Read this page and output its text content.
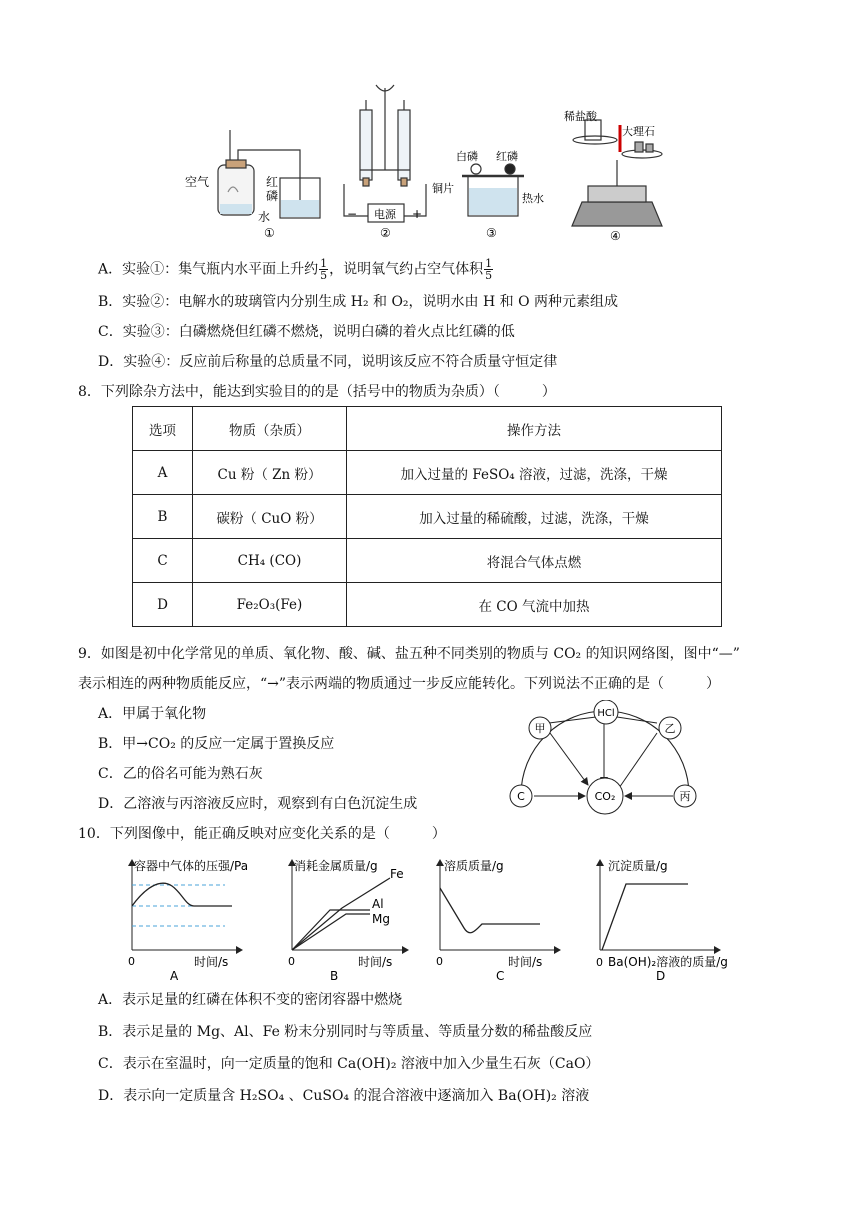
空气	红
磷
水
①
电源
−	+
②
白磷 红磷
铜片
热水
③
稀盐酸
大理石
④
A．实验①：集气瓶内水平面上升约 $\frac{1}{5}$ ，说明氧气约占空气体积 $\frac{1}{5}$
B．实验②：电解水的玻璃管内分别生成 H₂ 和 O₂，说明水由 H 和 O 两种元素组成
C．实验③：白磷燃烧但红磷不燃烧，说明白磷的着火点比红磷的低
D．实验④：反应前后称量的总质量不同，说明该反应不符合质量守恒定律
8．下列除杂方法中，能达到实验目的的是（括号中的物质为杂质）（　　　）
选项	物质（杂质）	操作方法
A	Cu 粉（ Zn 粉）	加入过量的 FeSO₄ 溶液，过滤，洗涤，干燥
B	碳粉（ CuO 粉）	加入过量的稀硫酸，过滤，洗涤，干燥
C	CH₄ (CO)	将混合气体点燃
D	Fe₂O₃(Fe)	在 CO 气流中加热
9．如图是初中化学常见的单质、氧化物、酸、碱、盐五种不同类别的物质与 CO₂ 的知识网络图，图中“—”
表示相连的两种物质能反应，“→”表示两端的物质通过一步反应能转化。下列说法不正确的是（　　　）
A．甲属于氧化物
B．甲→CO₂ 的反应一定属于置换反应
C．乙的俗名可能为熟石灰
D．乙溶液与丙溶液反应时，观察到有白色沉淀生成
HCl
甲	乙
C	CO₂	丙
10．下列图像中，能正确反映对应变化关系的是（　　　）
容器中气体的压强/Pa
0	时间/s
A
消耗金属质量/g
Fe
Al
Mg
0	时间/s
B
溶质质量/g
0	时间/s
C
沉淀质量/g
0 Ba(OH)₂溶液的质量/g
D
A．表示足量的红磷在体积不变的密闭容器中燃烧
B．表示足量的 Mg、Al、Fe 粉末分别同时与等质量、等质量分数的稀盐酸反应
C．表示在室温时，向一定质量的饱和 Ca(OH)₂ 溶液中加入少量生石灰（CaO）
D．表示向一定质量含 H₂SO₄ 、CuSO₄ 的混合溶液中逐滴加入 Ba(OH)₂ 溶液
